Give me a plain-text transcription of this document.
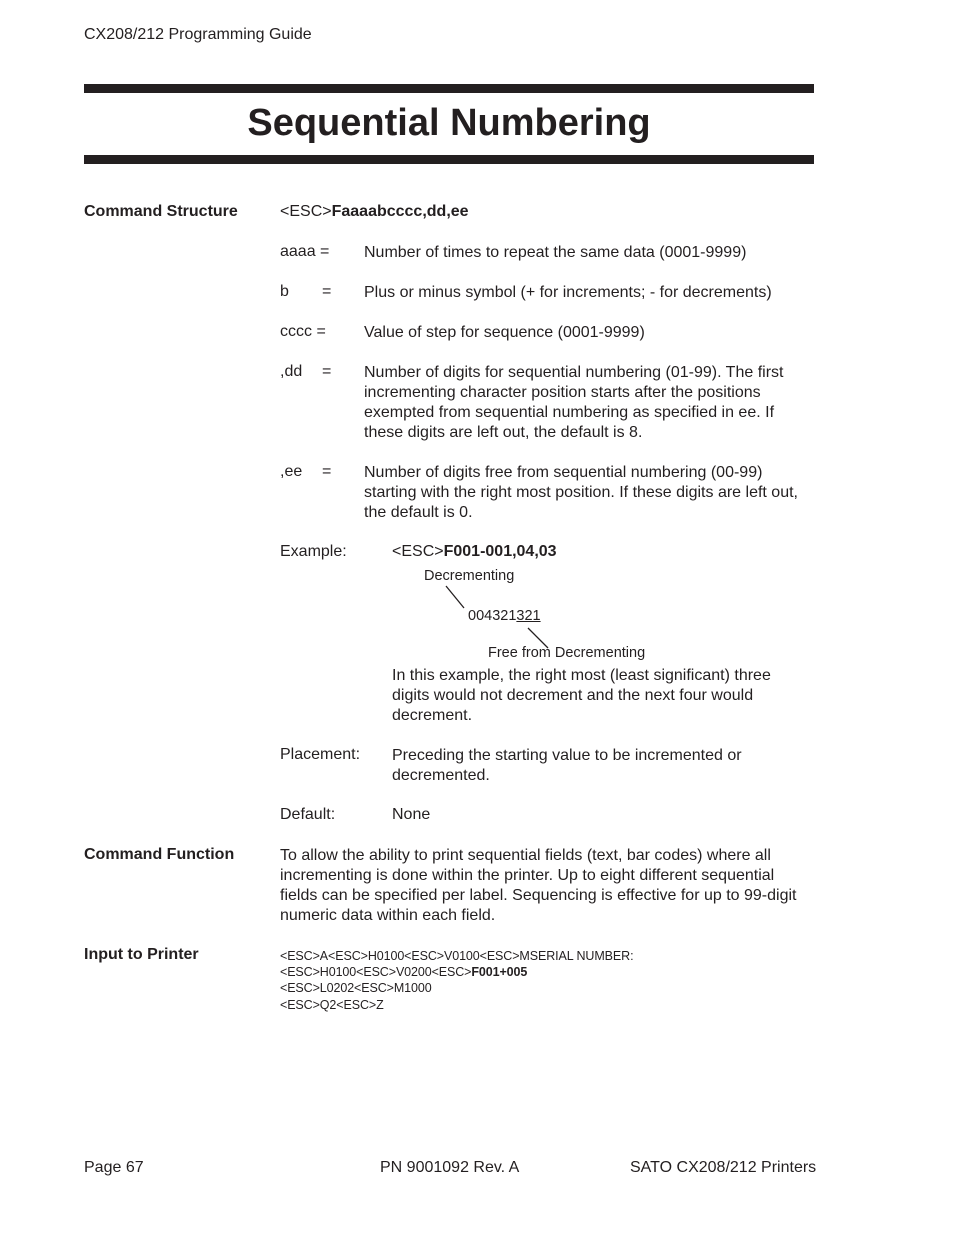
CX208/212 Programming Guide
Sequential Numbering
Command Structure	<ESC>Faaaabcccc,dd,ee
aaaa = Number of times to repeat the same data (0001-9999)
b = Plus or minus symbol (+ for increments; - for decrements)
cccc = Value of step for sequence (0001-9999)
,dd = Number of digits for sequential numbering (01-99). The first incrementing character position starts after the positions exempted from sequential numbering as specified in ee. If these digits are left out, the default is 8.
,ee = Number of digits free from sequential numbering (00-99) starting with the right most position. If these digits are left out, the default is 0.
Example:	<ESC>F001-001,04,03
Decrementing
004321321
Free from Decrementing
In this example, the right most (least significant) three digits would not decrement and the next four would decrement.
Placement: Preceding the starting value to be incremented or decremented.
Default:	None
Command Function	To allow the ability to print sequential fields (text, bar codes) where all incrementing is done within the printer. Up to eight different sequential fields can be specified per label. Sequencing is effective for up to 99-digit numeric data within each field.
Input to Printer	<ESC>A<ESC>H0100<ESC>V0100<ESC>MSERIAL NUMBER:
<ESC>H0100<ESC>V0200<ESC>F001+005
<ESC>L0202<ESC>M1000
<ESC>Q2<ESC>Z
Page 67	PN 9001092 Rev. A	SATO CX208/212 Printers
